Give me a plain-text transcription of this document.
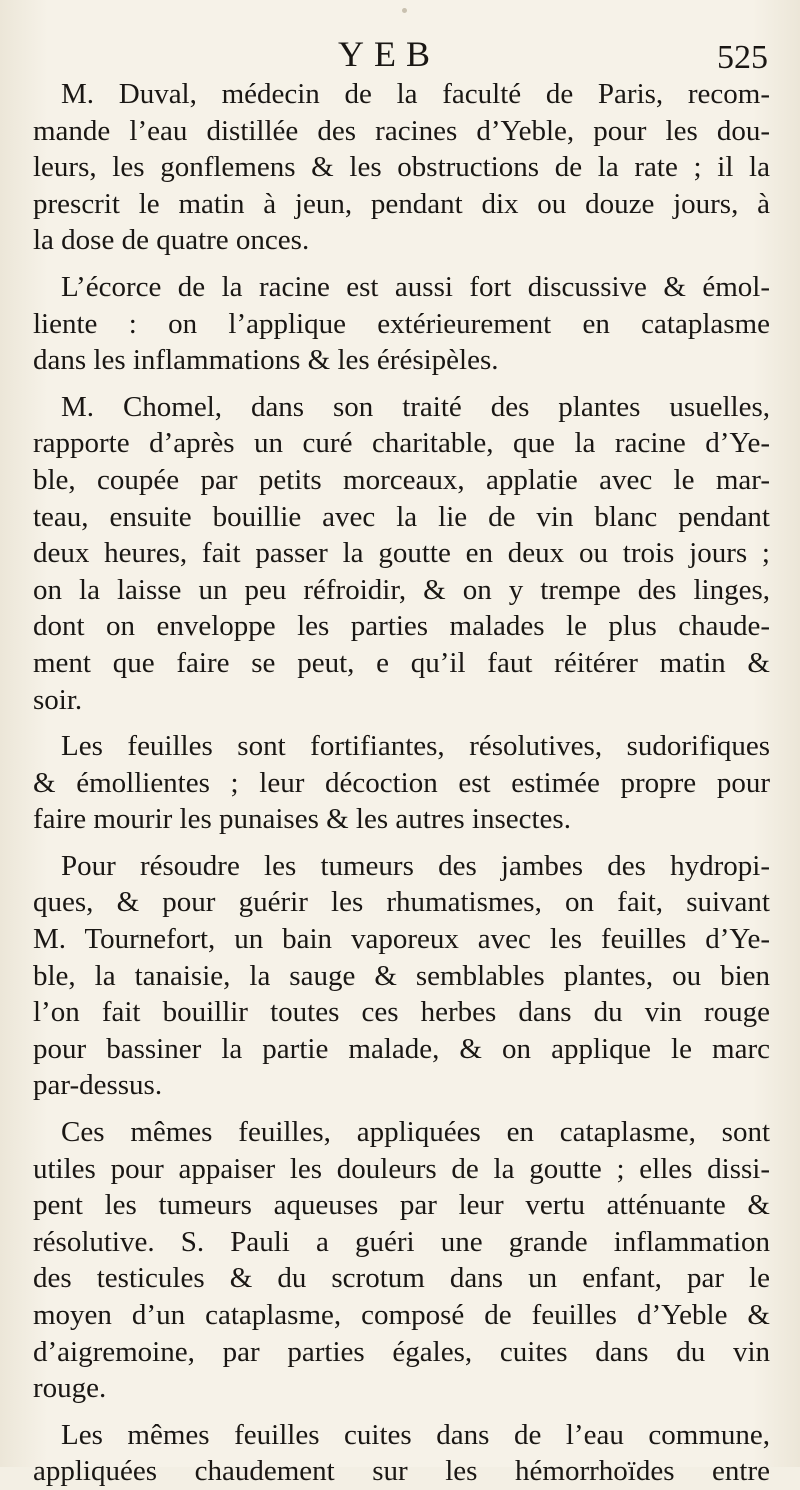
YEB	525
M. Duval, médecin de la faculté de Paris, recom-
mande l’eau distillée des racines d’Yeble, pour les dou-
leurs, les gonflemens & les obstructions de la rate ; il la
prescrit le matin à jeun, pendant dix ou douze jours, à
la dose de quatre onces.
L’écorce de la racine est aussi fort discussive & émol-
liente : on l’applique extérieurement en cataplasme
dans les inflammations & les érésipèles.
M. Chomel, dans son traité des plantes usuelles,
rapporte d’après un curé charitable, que la racine d’Ye-
ble, coupée par petits morceaux, applatie avec le mar-
teau, ensuite bouillie avec la lie de vin blanc pendant
deux heures, fait passer la goutte en deux ou trois jours ;
on la laisse un peu réfroidir, & on y trempe des linges,
dont on enveloppe les parties malades le plus chaude-
ment que faire se peut, e qu’il faut réitérer matin &
soir.
Les feuilles sont fortifiantes, résolutives, sudorifiques
& émollientes ; leur décoction est estimée propre pour
faire mourir les punaises & les autres insectes.
Pour résoudre les tumeurs des jambes des hydropi-
ques, & pour guérir les rhumatismes, on fait, suivant
M. Tournefort, un bain vaporeux avec les feuilles d’Ye-
ble, la tanaisie, la sauge & semblables plantes, ou bien
l’on fait bouillir toutes ces herbes dans du vin rouge
pour bassiner la partie malade, & on applique le marc
par-dessus.
Ces mêmes feuilles, appliquées en cataplasme, sont
utiles pour appaiser les douleurs de la goutte ; elles dissi-
pent les tumeurs aqueuses par leur vertu atténuante &
résolutive. S. Pauli a guéri une grande inflammation
des testicules & du scrotum dans un enfant, par le
moyen d’un cataplasme, composé de feuilles d’Yeble &
d’aigremoine, par parties égales, cuites dans du vin
rouge.
Les mêmes feuilles cuites dans de l’eau commune,
appliquées chaudement sur les hémorrhoïdes entre
